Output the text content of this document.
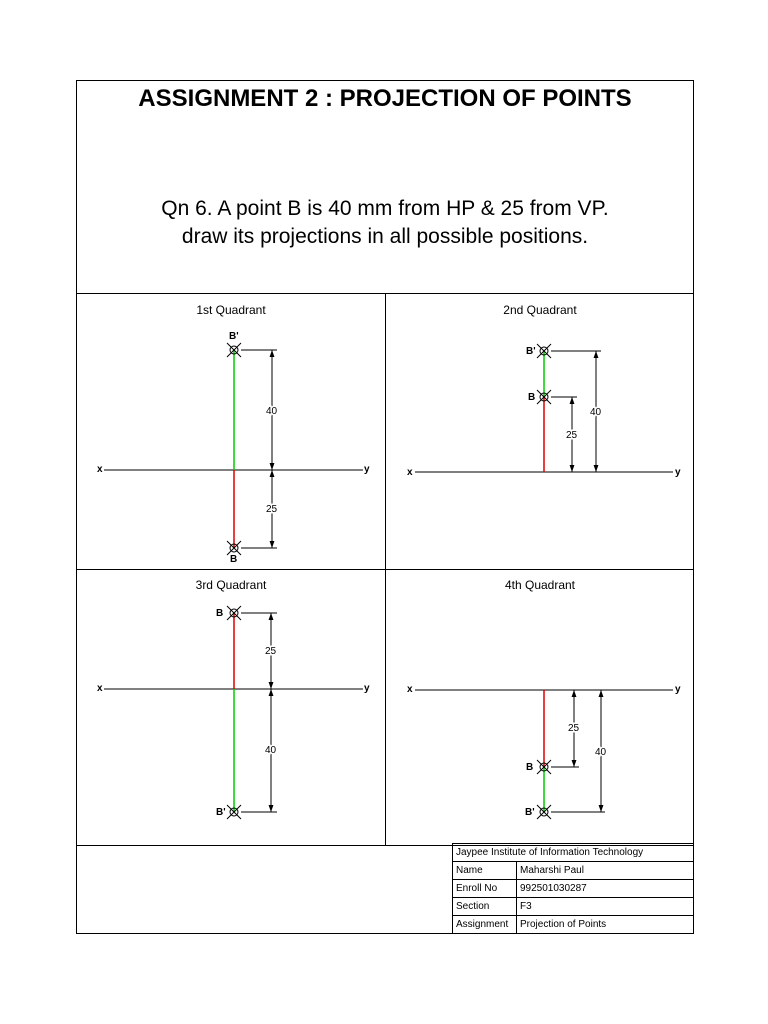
ASSIGNMENT 2 : PROJECTION OF POINTS
Qn 6. A point B is 40 mm from HP & 25 from VP.
draw its projections in all possible positions.
1st Quadrant
x	y
B'
B
40
25
2nd Quadrant
x	y
B'
B
25
40
3rd Quadrant
x	y
B
B'
25
40
4th Quadrant
x	y
B
B'
25
40
Jaypee Institute of Information Technology	
Name	Maharshi Paul
Enroll No	992501030287
Section	F3
Assignment	Projection of Points
